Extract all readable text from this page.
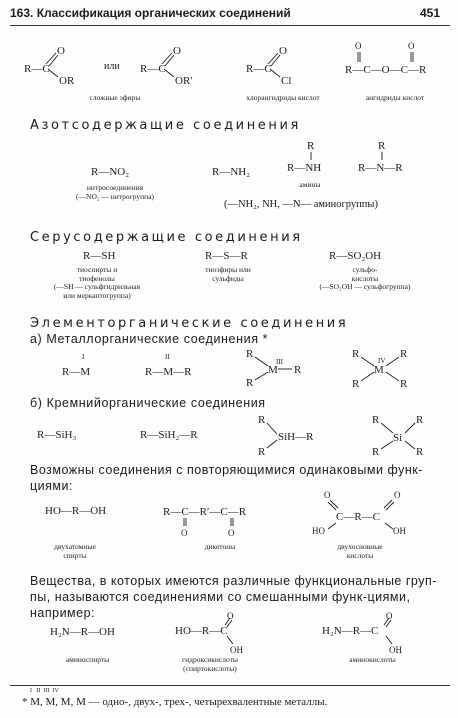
163. Классификация органических соединений	451
R—C
O
OR
или R—C
O
OR′
сложные эфиры
R—C
O
Cl
хлорангидриды кислот
O	O
R—C—O—C—R
ангидриды кислот
Азотсодержащие соединения
R—NO₂
нитросоединения
(—NO₂ — нитрогруппа)
R—NH₂
R
R—NH
R
R—N—R
амины
(—NH₂, NH, —N— аминогруппы)
Серусодержащие соединения
R—SH
тиоспирты и
тиофенолы
(—SH — сульфгидрильная
или меркаптогруппа)
R—S—R
тиоэфиры или
сульфиды
R—SO₂OH
сульфо-
кислоты
(—SO₂OH — сульфогруппа)
Элементорганические соединения
а) Металлорганические соединения *
I
R—M
II
R—M—R
R
R
R
M
III
R
R
R
R
M
IV
б) Кремнийорганические соединения
R—SiH₃	R—SiH₂—R
R
R
SiH—R
R
R
R
R
Si
Возможны соединения с повторяющимися одинаковыми функ-циями:
HO—R—OH
двухатомные
спирты
R—C—R′—C—R
O	O
дикетоны
O	O
C—R—C
HO	OH
двухосновные
кислоты
Вещества, в которых имеются различные функциональные груп-пы, называются соединениями со смешанными функ-циями, например:
H₂N—R—OH
аминоспирты
O
HO—R—C
OH
гидроксикислоты
(спиртокислоты)
O
H₂N—R—C
OH
аминокислоты
I   II  III  IV
* M, M, M, M — одно-, двух-, трех-, четырехвалентные металлы.
